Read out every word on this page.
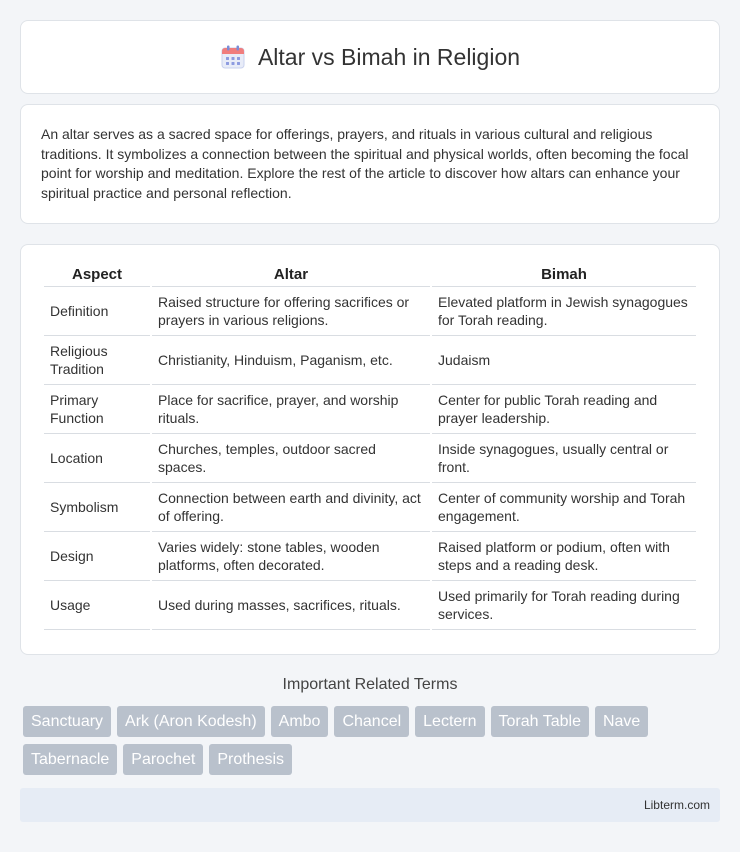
Altar vs Bimah in Religion

An altar serves as a sacred space for offerings, prayers, and rituals in various cultural and religious traditions. It symbolizes a connection between the spiritual and physical worlds, often becoming the focal point for worship and meditation. Explore the rest of the article to discover how altars can enhance your spiritual practice and personal reflection.

Aspect	Altar	Bimah
Definition	Raised structure for offering sacrifices or prayers in various religions.	Elevated platform in Jewish synagogues for Torah reading.
Religious Tradition	Christianity, Hinduism, Paganism, etc.	Judaism
Primary Function	Place for sacrifice, prayer, and worship rituals.	Center for public Torah reading and prayer leadership.
Location	Churches, temples, outdoor sacred spaces.	Inside synagogues, usually central or front.
Symbolism	Connection between earth and divinity, act of offering.	Center of community worship and Torah engagement.
Design	Varies widely: stone tables, wooden platforms, often decorated.	Raised platform or podium, often with steps and a reading desk.
Usage	Used during masses, sacrifices, rituals.	Used primarily for Torah reading during services.
Important Related Terms
Sanctuary	Ark (Aron Kodesh)	Ambo	Chancel	Lectern	Torah Table	Nave
Tabernacle	Parochet	Prothesis
Libterm.com
